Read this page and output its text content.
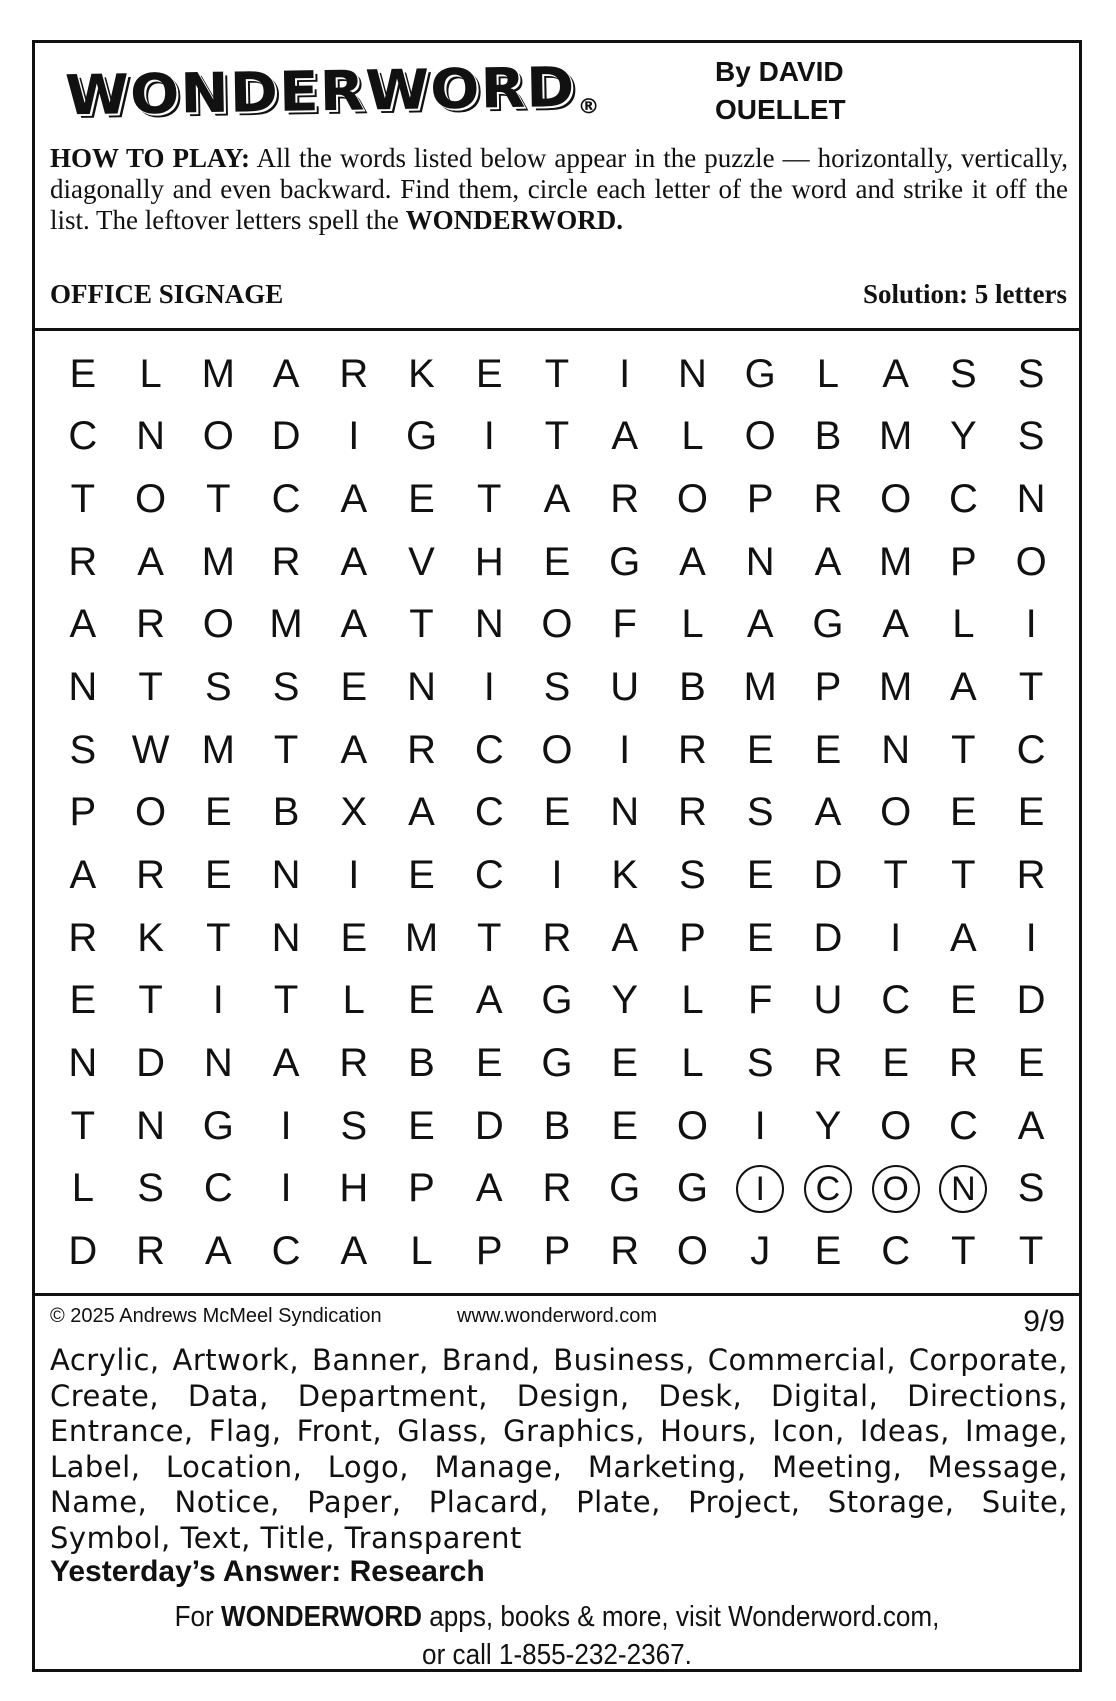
WONDERWORD®
By DAVID
OUELLET
HOW TO PLAY: All the words listed below appear in the puzzle — horizontally, vertically, diagonally and even backward. Find them, circle each letter of the word and strike it off the list. The leftover letters spell the WONDERWORD.
OFFICE SIGNAGE	Solution: 5 letters
E L M A R K E T I N G L A S S
C N O D I G I T A L O B M Y S
T O T C A E T A R O P R O C N
R A M R A V H E G A N A M P O
A R O M A T N O F L A G A L I
N T S S E N I S U B M P M A T
S W M T A R C O I R E E N T C
P O E B X A C E N R S A O E E
A R E N I E C I K S E D T T R
R K T N E M T R A P E D I A I
E T I T L E A G Y L F U C E D
N D N A R B E G E L S R E R E
T N G I S E D B E O I Y O C A
L S C I H P A R G G	I	C	O	N S
D R A C A L P P R O J E C T T
© 2025 Andrews McMeel Syndication	www.wonderword.com	9/9
Acrylic, Artwork, Banner, Brand, Business, Commercial, Corporate, Create, Data, Department, Design, Desk, Digital, Directions, Entrance, Flag, Front, Glass, Graphics, Hours, Icon, Ideas, Image, Label, Location, Logo, Manage, Marketing, Meeting, Message, Name, Notice, Paper, Placard, Plate, Project, Storage, Suite, Symbol, Text, Title, Transparent
Yesterday’s Answer: Research
For WONDERWORD apps, books & more, visit Wonderword.com,
or call 1-855-232-2367.
